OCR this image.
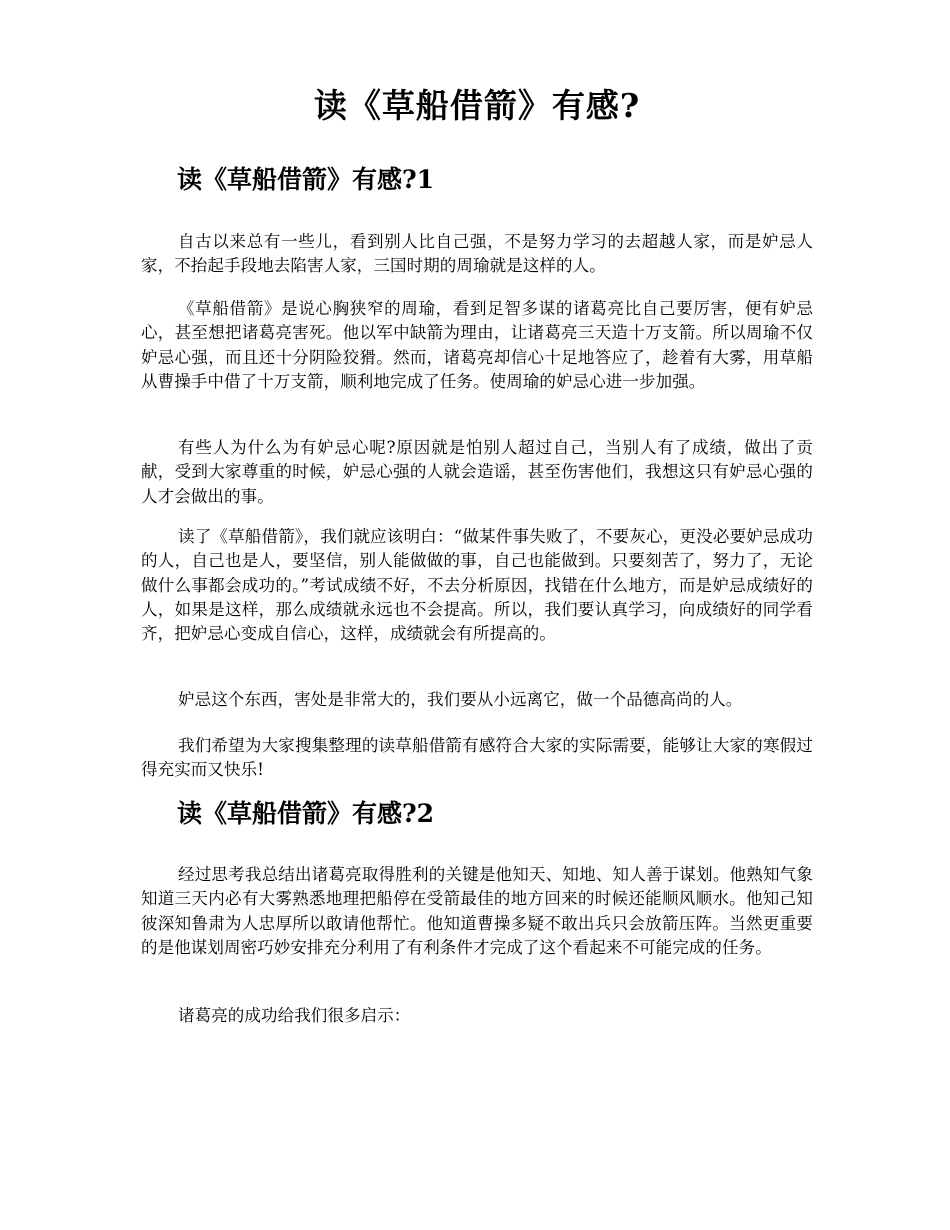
读《草船借箭》有感?
读《草船借箭》有感?1

自古以来总有一些儿，看到别人比自己强，不是努力学习的去超越人家，而是妒忌人家，不抬起手段地去陷害人家，三国时期的周瑜就是这样的人。

《草船借箭》是说心胸狭窄的周瑜，看到足智多谋的诸葛亮比自己要厉害，便有妒忌心，甚至想把诸葛亮害死。他以军中缺箭为理由，让诸葛亮三天造十万支箭。所以周瑜不仅妒忌心强，而且还十分阴险狡猾。然而，诸葛亮却信心十足地答应了，趁着有大雾，用草船从曹操手中借了十万支箭，顺利地完成了任务。使周瑜的妒忌心进一步加强。

有些人为什么为有妒忌心呢?原因就是怕别人超过自己，当别人有了成绩，做出了贡献，受到大家尊重的时候，妒忌心强的人就会造谣，甚至伤害他们，我想这只有妒忌心强的人才会做出的事。

读了《草船借箭》，我们就应该明白：“做某件事失败了，不要灰心，更没必要妒忌成功的人，自己也是人，要坚信，别人能做做的事，自己也能做到。只要刻苦了，努力了，无论做什么事都会成功的。”考试成绩不好，不去分析原因，找错在什么地方，而是妒忌成绩好的人，如果是这样，那么成绩就永远也不会提高。所以，我们要认真学习，向成绩好的同学看齐，把妒忌心变成自信心，这样，成绩就会有所提高的。

妒忌这个东西，害处是非常大的，我们要从小远离它，做一个品德高尚的人。

我们希望为大家搜集整理的读草船借箭有感符合大家的实际需要，能够让大家的寒假过得充实而又快乐!

读《草船借箭》有感?2

经过思考我总结出诸葛亮取得胜利的关键是他知天、知地、知人善于谋划。他熟知气象知道三天内必有大雾熟悉地理把船停在受箭最佳的地方回来的时候还能顺风顺水。他知己知彼深知鲁肃为人忠厚所以敢请他帮忙。他知道曹操多疑不敢出兵只会放箭压阵。当然更重要的是他谋划周密巧妙安排充分利用了有利条件才完成了这个看起来不可能完成的任务。

诸葛亮的成功给我们很多启示：
